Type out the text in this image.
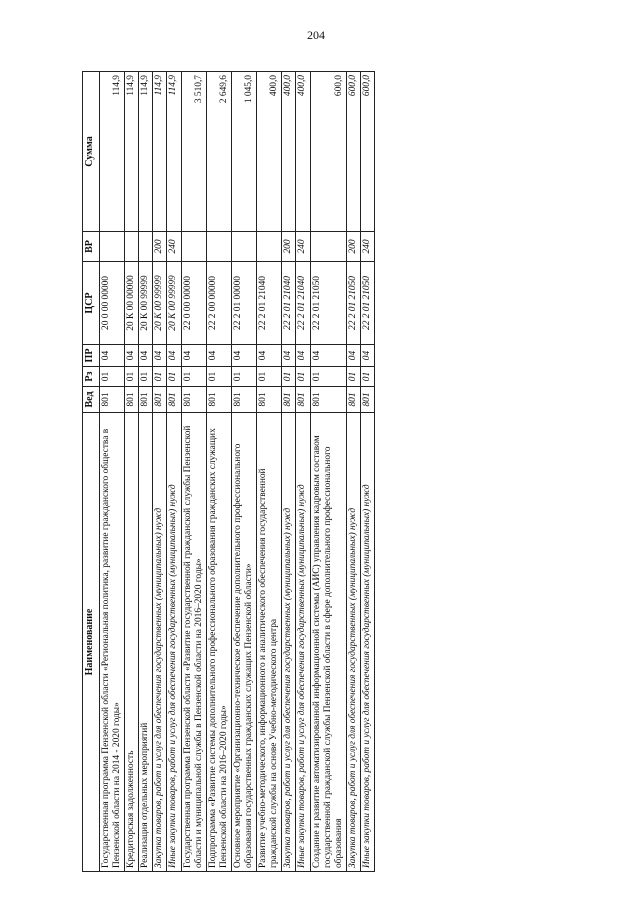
204
Наименование	Вед	Рз	ПР	ЦСР	ВР	Сумма
Государственная программа Пензенской области «Региональная политика, развитие гражданского общества в Пензенской области на 2014 - 2020 годы»	801	01	04	20 0 00 00000		114,9
Кредиторская задолженность	801	01	04	20 К 00 00000		114,9
Реализация отдельных мероприятий	801	01	04	20 К 00 99999		114,9
Закупка товаров, работ и услуг для обеспечения государственных (муниципальных) нужд	801	01	04	20 К 00 99999	200	114,9
Иные закупки товаров, работ и услуг для обеспечения государственных (муниципальных) нужд	801	01	04	20 К 00 99999	240	114,9
Государственная программа Пензенской области «Развитие государственной гражданской службы Пензенской области и муниципальной службы в Пензенской области на 2016–2020 годы»	801	01	04	22 0 00 00000		3 510,7
Подпрограмма «Развитие системы дополнительного профессионального образования гражданских служащих Пензенской области на 2016–2020 годы»	801	01	04	22 2 00 00000		2 649,6
Основное мероприятие «Организационно-техническое обеспечение дополнительного профессионального образования государственных гражданских служащих Пензенской области»	801	01	04	22 2 01 00000		1 045,0
Развитие учебно-методического, информационного и аналитического обеспечения государственной гражданской службы на основе Учебно-методического центра	801	01	04	22 2 01 21040		400,0
Закупка товаров, работ и услуг для обеспечения государственных (муниципальных) нужд	801	01	04	22 2 01 21040	200	400,0
Иные закупки товаров, работ и услуг для обеспечения государственных (муниципальных) нужд	801	01	04	22 2 01 21040	240	400,0
Создание и развитие автоматизированной информационной системы (АИС) управления кадровым составом государственной гражданской службы Пензенской области в сфере дополнительного профессионального образования	801	01	04	22 2 01 21050		600,0
Закупка товаров, работ и услуг для обеспечения государственных (муниципальных) нужд	801	01	04	22 2 01 21050	200	600,0
Иные закупки товаров, работ и услуг для обеспечения государственных (муниципальных) нужд	801	01	04	22 2 01 21050	240	600,0
